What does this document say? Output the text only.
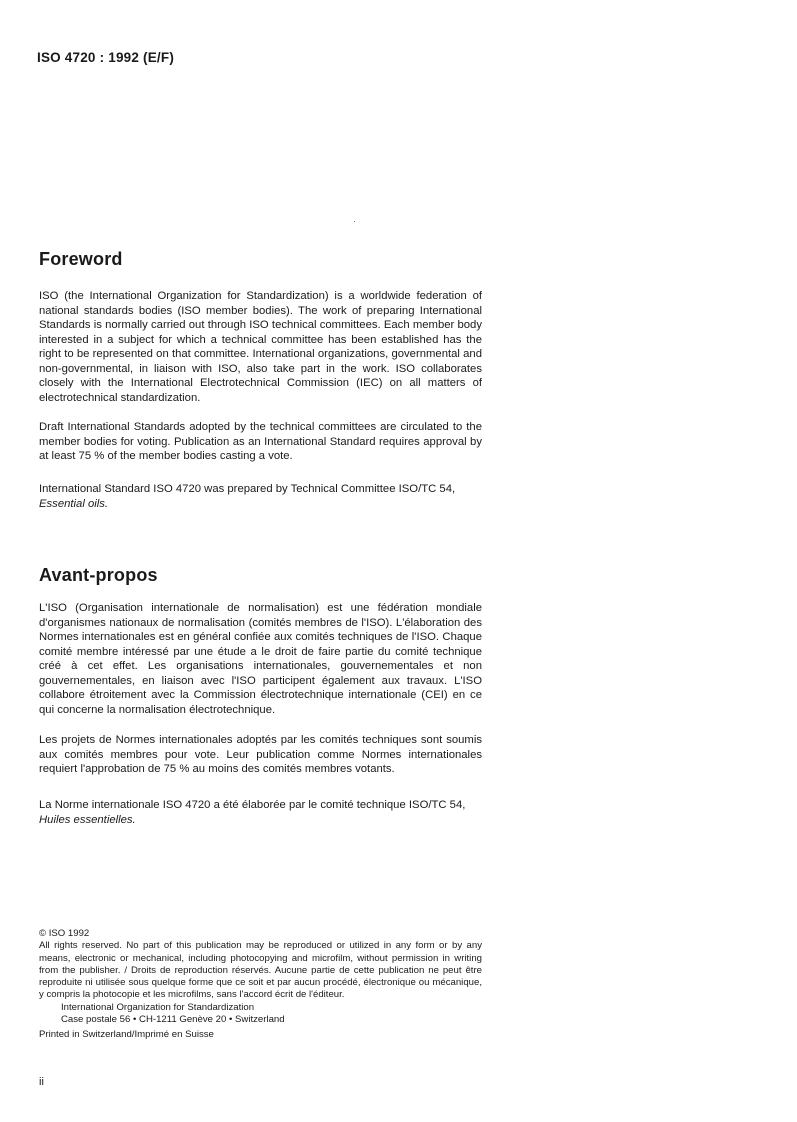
ISO 4720 : 1992 (E/F)

Foreword

ISO (the International Organization for Standardization) is a worldwide federation of national standards bodies (ISO member bodies). The work of preparing International Standards is normally carried out through ISO technical committees. Each member body interested in a subject for which a technical committee has been established has the right to be represented on that committee. International organizations, governmental and non-governmental, in liaison with ISO, also take part in the work. ISO collaborates closely with the International Electrotechnical Commission (IEC) on all matters of electrotechnical standardization.

Draft International Standards adopted by the technical committees are circulated to the member bodies for voting. Publication as an International Standard requires approval by at least 75 % of the member bodies casting a vote.

International Standard ISO 4720 was prepared by Technical Committee ISO/TC 54,
Essential oils.

Avant-propos

L'ISO (Organisation internationale de normalisation) est une fédération mondiale d'organismes nationaux de normalisation (comités membres de l'ISO). L'élaboration des Normes internationales est en général confiée aux comités techniques de l'ISO. Chaque comité membre intéressé par une étude a le droit de faire partie du comité technique créé à cet effet. Les organisations internationales, gouvernementales et non gouvernementales, en liaison avec l'ISO participent également aux travaux. L'ISO collabore étroitement avec la Commission électrotechnique internationale (CEI) en ce qui concerne la normalisation électrotechnique.

Les projets de Normes internationales adoptés par les comités techniques sont soumis aux comités membres pour vote. Leur publication comme Normes internationales requiert l'approbation de 75 % au moins des comités membres votants.

La Norme internationale ISO 4720 a été élaborée par le comité technique ISO/TC 54,
Huiles essentielles.

© ISO 1992
All rights reserved. No part of this publication may be reproduced or utilized in any form or by any means, electronic or mechanical, including photocopying and microfilm, without permission in writing from the publisher. / Droits de reproduction réservés. Aucune partie de cette publication ne peut être reproduite ni utilisée sous quelque forme que ce soit et par aucun procédé, électronique ou mécanique, y compris la photocopie et les microfilms, sans l'accord écrit de l'éditeur.
International Organization for Standardization
Case postale 56 • CH-1211 Genève 20 • Switzerland
Printed in Switzerland/Imprimé en Suisse

ii
